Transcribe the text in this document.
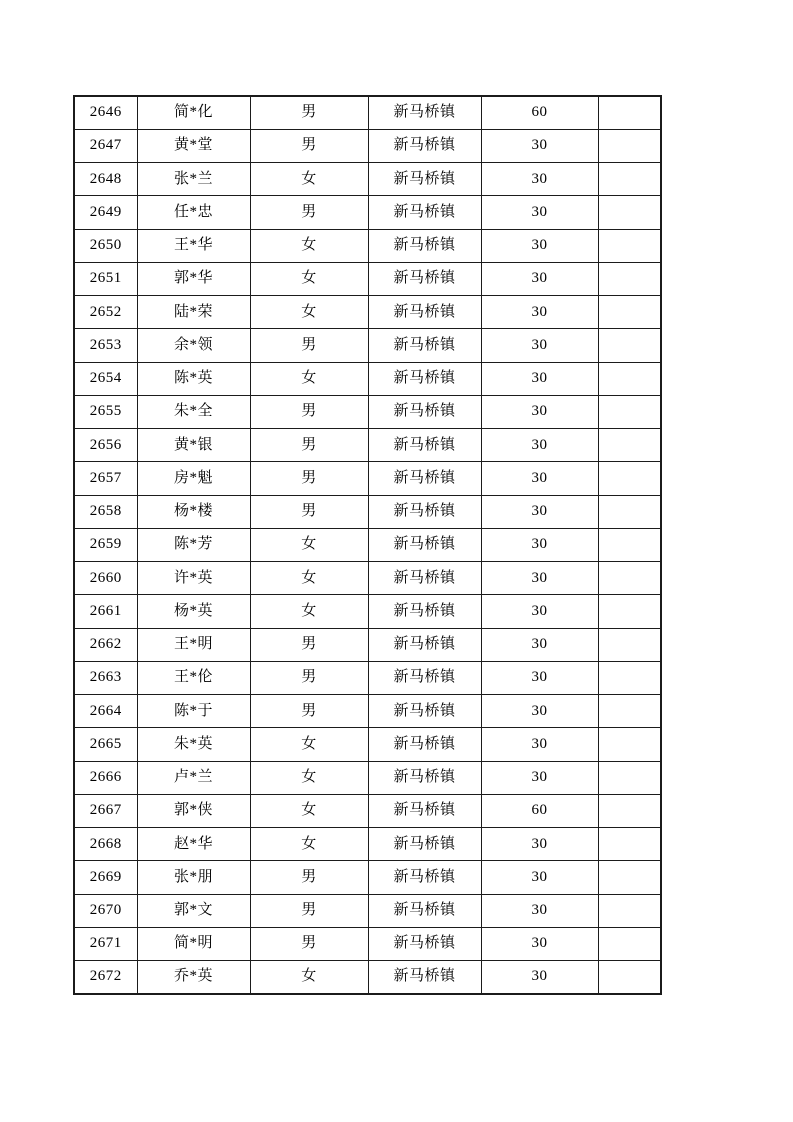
2646	简*化	男	新马桥镇	60	
2647	黄*堂	男	新马桥镇	30	
2648	张*兰	女	新马桥镇	30	
2649	任*忠	男	新马桥镇	30	
2650	王*华	女	新马桥镇	30	
2651	郭*华	女	新马桥镇	30	
2652	陆*荣	女	新马桥镇	30	
2653	余*领	男	新马桥镇	30	
2654	陈*英	女	新马桥镇	30	
2655	朱*全	男	新马桥镇	30	
2656	黄*银	男	新马桥镇	30	
2657	房*魁	男	新马桥镇	30	
2658	杨*楼	男	新马桥镇	30	
2659	陈*芳	女	新马桥镇	30	
2660	许*英	女	新马桥镇	30	
2661	杨*英	女	新马桥镇	30	
2662	王*明	男	新马桥镇	30	
2663	王*伦	男	新马桥镇	30	
2664	陈*于	男	新马桥镇	30	
2665	朱*英	女	新马桥镇	30	
2666	卢*兰	女	新马桥镇	30	
2667	郭*侠	女	新马桥镇	60	
2668	赵*华	女	新马桥镇	30	
2669	张*朋	男	新马桥镇	30	
2670	郭*文	男	新马桥镇	30	
2671	简*明	男	新马桥镇	30	
2672	乔*英	女	新马桥镇	30	
